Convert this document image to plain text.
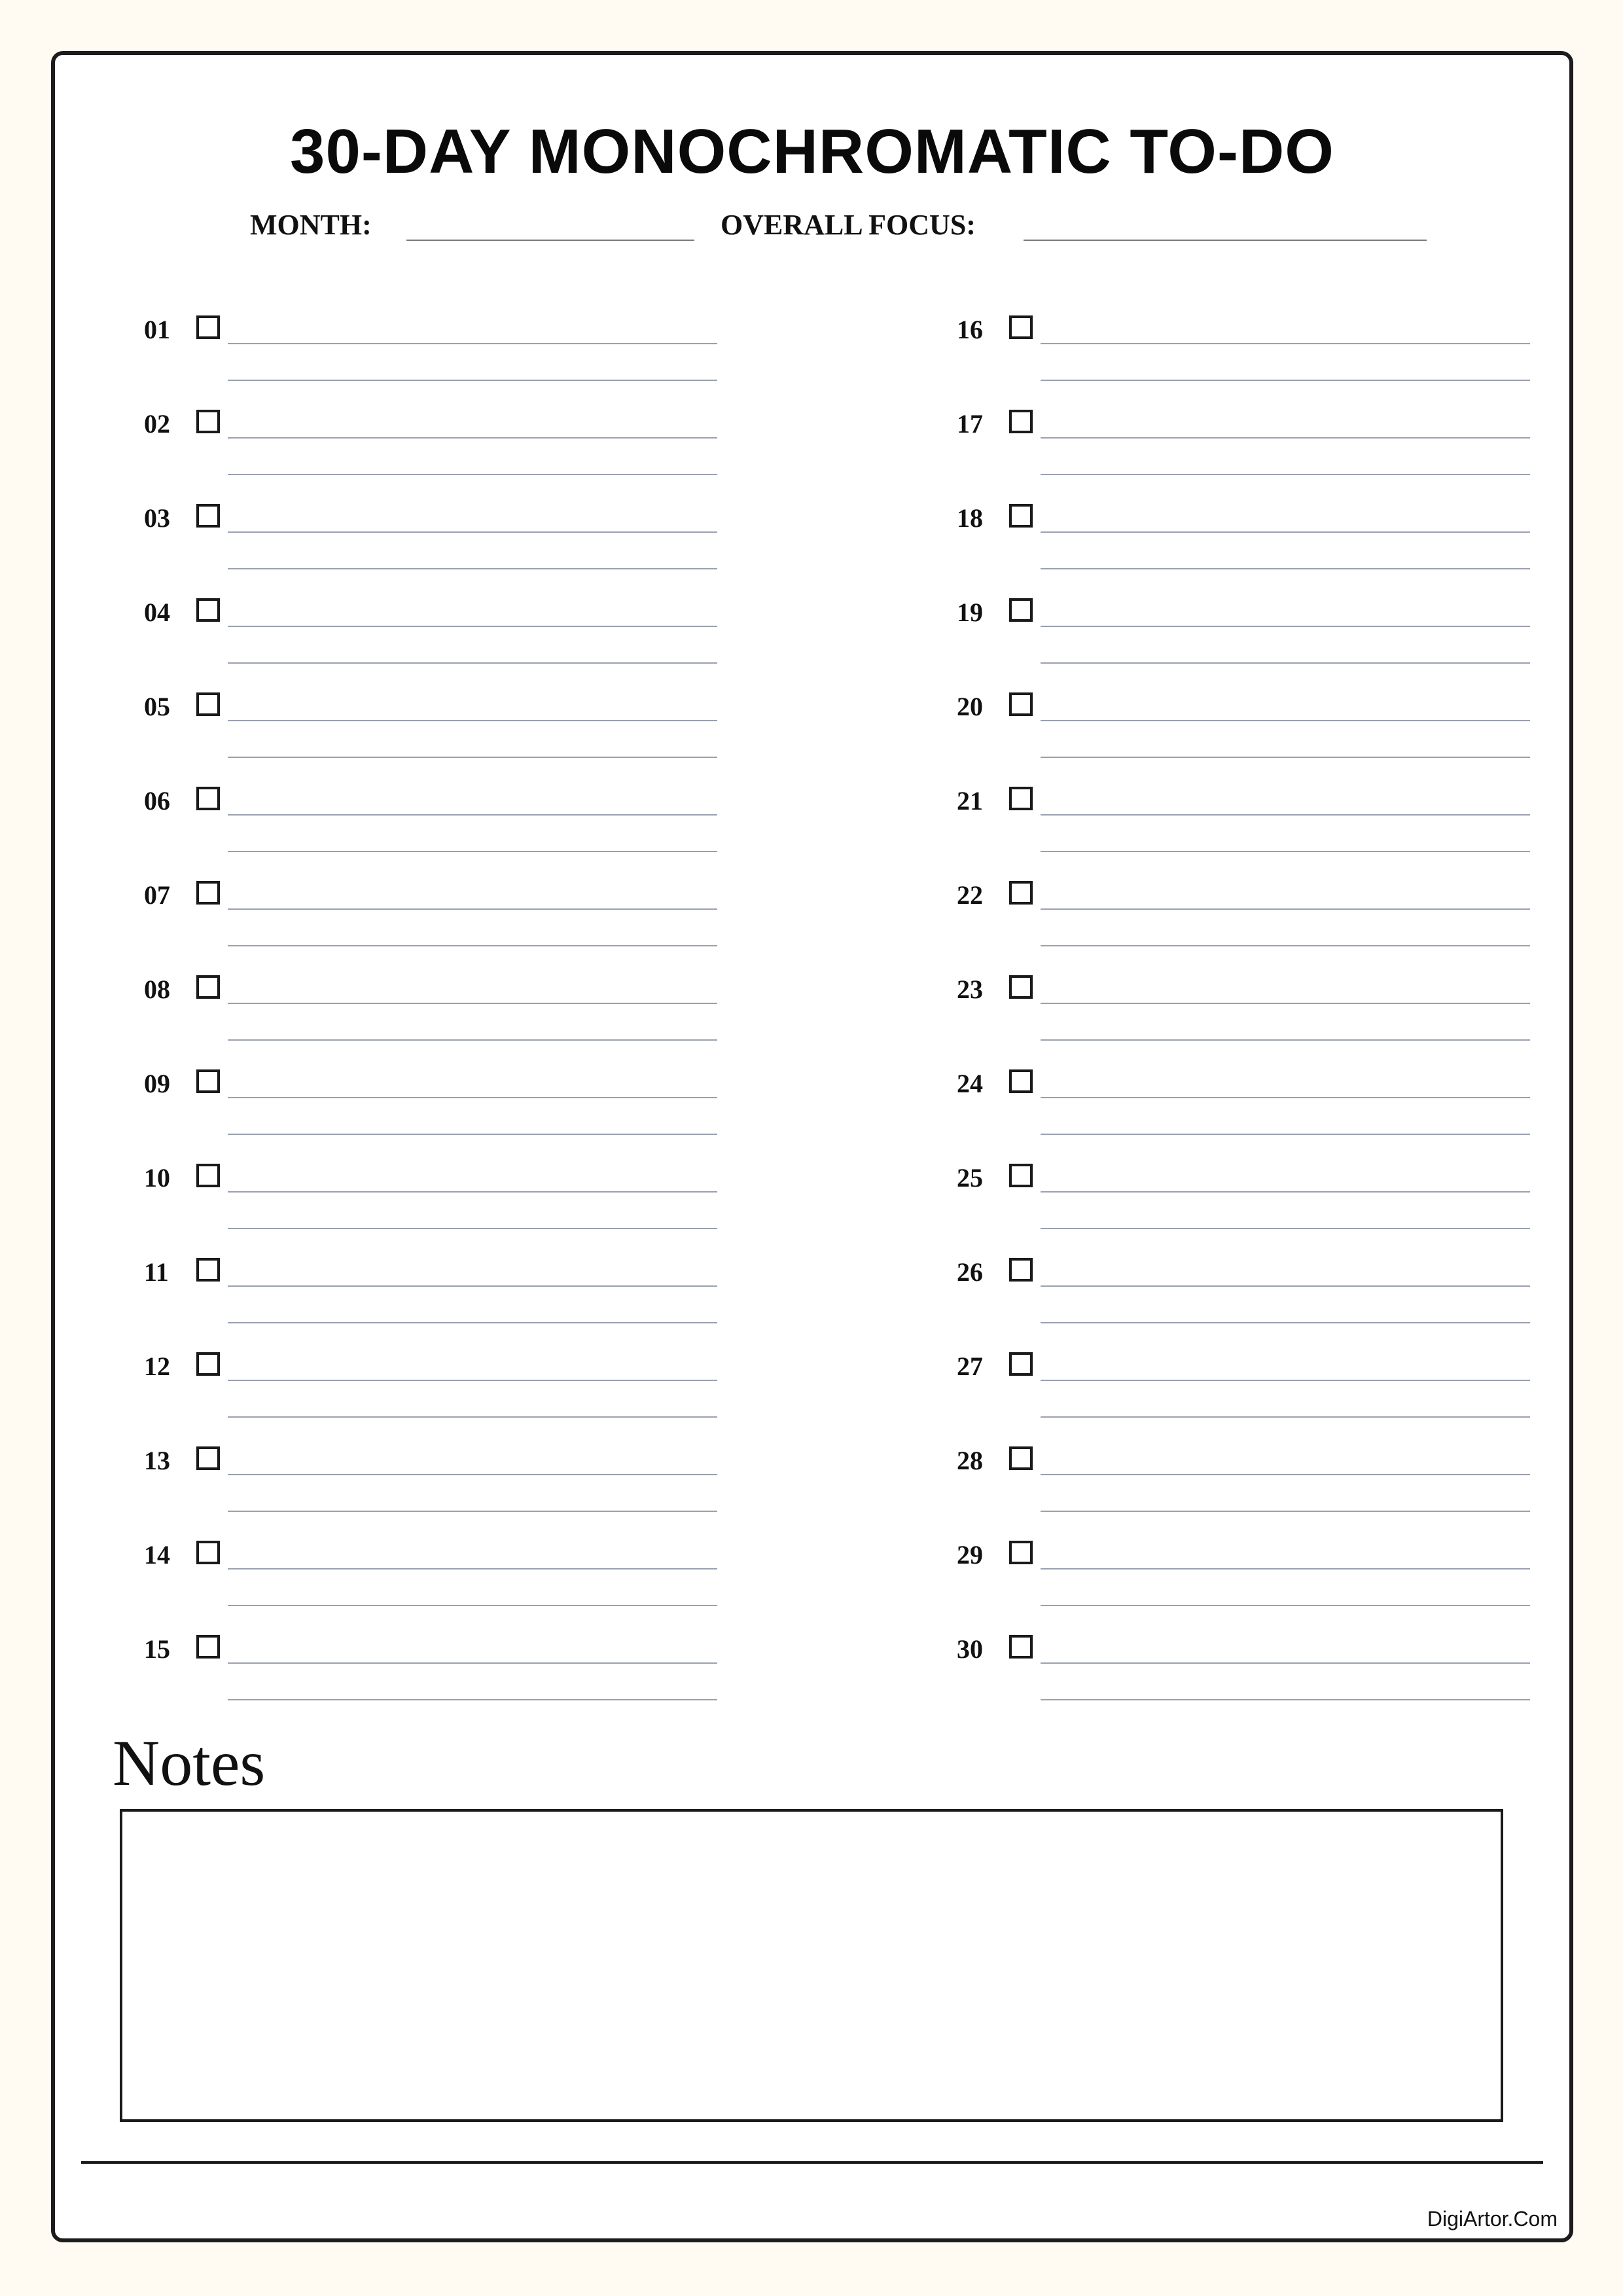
30-DAY MONOCHROMATIC TO-DO
MONTH:	OVERALL FOCUS:
01
02
03
04
05
06
07
08
09
10
11
12
13
14
15
16
17
18
19
20
21
22
23
24
25
26
27
28
29
30
Notes
DigiArtor.Com
